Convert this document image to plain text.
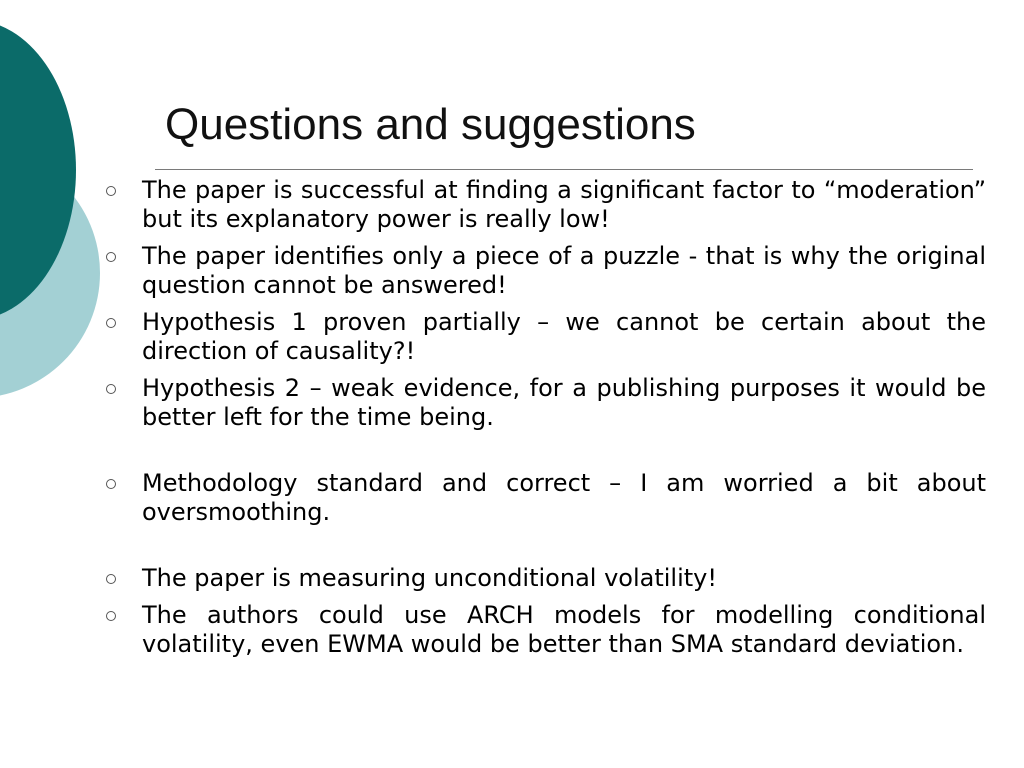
Questions and suggestions
The paper is successful at finding a significant factor to “moderation” but its explanatory power is really low!
The paper identifies only a piece of a puzzle - that is why the original question cannot be answered!
Hypothesis 1 proven partially – we cannot be certain about the direction of causality?!
Hypothesis 2 – weak evidence, for a publishing purposes it would be better left for the time being.
Methodology standard and correct – I am worried a bit about oversmoothing.
The paper is measuring unconditional volatility!
The authors could use ARCH models for modelling conditional volatility, even EWMA would be better than SMA standard deviation.
